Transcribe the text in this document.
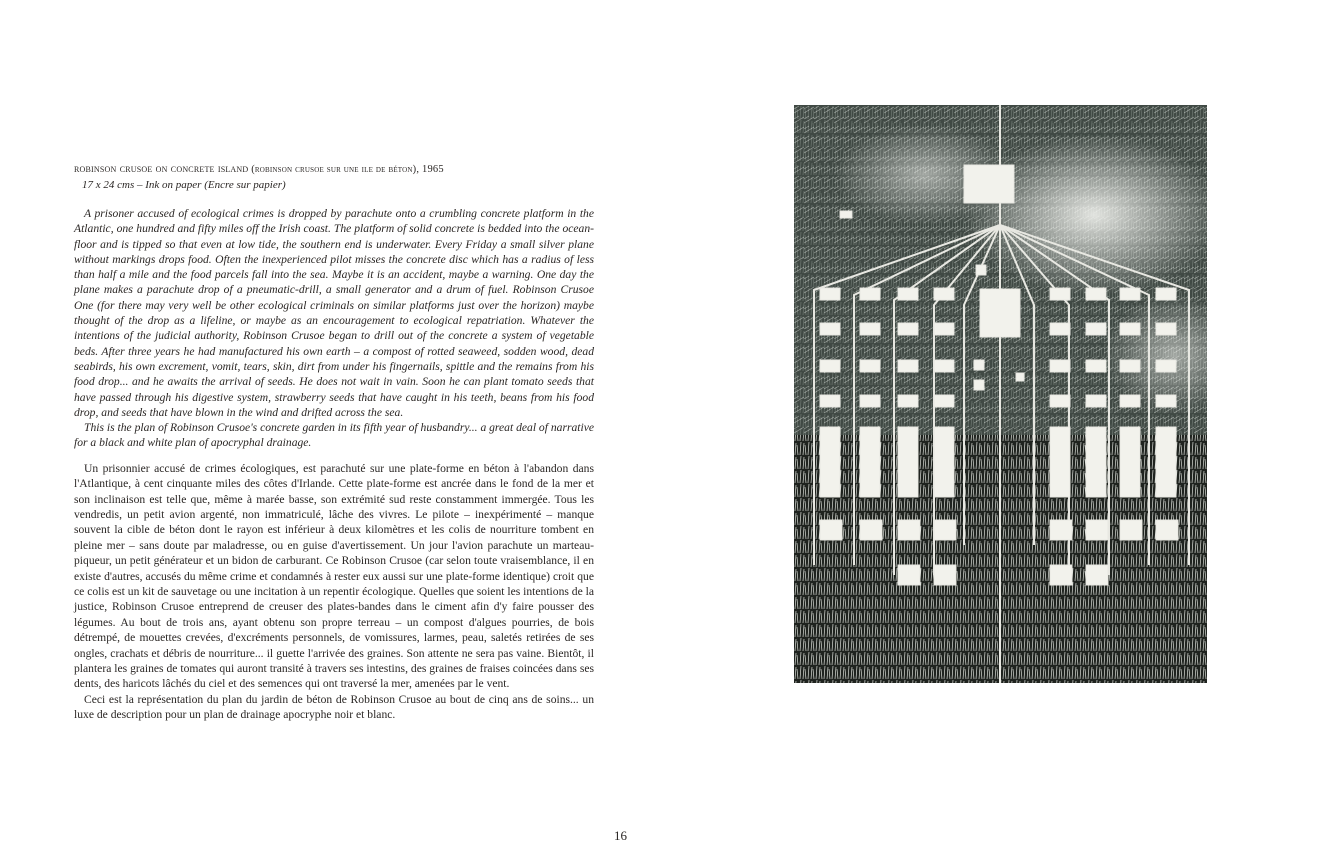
robinson crusoe on concrete island (robinson crusoe sur une ile de béton), 1965
17 x 24 cms – Ink on paper (Encre sur papier)

A prisoner accused of ecological crimes is dropped by parachute onto a crumbling concrete platform in the Atlantic, one hundred and fifty miles off the Irish coast. The platform of solid concrete is bedded into the ocean-floor and is tipped so that even at low tide, the southern end is underwater. Every Friday a small silver plane without markings drops food. Often the inexperienced pilot misses the concrete disc which has a radius of less than half a mile and the food parcels fall into the sea. Maybe it is an accident, maybe a warning. One day the plane makes a parachute drop of a pneumatic-drill, a small generator and a drum of fuel. Robinson Crusoe One (for there may very well be other ecological criminals on similar platforms just over the horizon) maybe thought of the drop as a lifeline, or maybe as an encouragement to ecological repatriation. Whatever the intentions of the judicial authority, Robinson Crusoe began to drill out of the concrete a system of vegetable beds. After three years he had manufactured his own earth – a compost of rotted seaweed, sodden wood, dead seabirds, his own excrement, vomit, tears, skin, dirt from under his fingernails, spittle and the remains from his food drop... and he awaits the arrival of seeds. He does not wait in vain. Soon he can plant tomato seeds that have passed through his digestive system, strawberry seeds that have caught in his teeth, beans from his food drop, and seeds that have blown in the wind and drifted across the sea.

This is the plan of Robinson Crusoe's concrete garden in its fifth year of husbandry... a great deal of narrative for a black and white plan of apocryphal drainage.

Un prisonnier accusé de crimes écologiques, est parachuté sur une plate-forme en béton à l'abandon dans l'Atlantique, à cent cinquante miles des côtes d'Irlande. Cette plate-forme est ancrée dans le fond de la mer et son inclinaison est telle que, même à marée basse, son extrémité sud reste constamment immergée. Tous les vendredis, un petit avion argenté, non immatriculé, lâche des vivres. Le pilote – inexpérimenté – manque souvent la cible de béton dont le rayon est inférieur à deux kilomètres et les colis de nourriture tombent en pleine mer – sans doute par maladresse, ou en guise d'avertissement. Un jour l'avion parachute un marteau-piqueur, un petit générateur et un bidon de carburant. Ce Robinson Crusoe (car selon toute vraisemblance, il en existe d'autres, accusés du même crime et condamnés à rester eux aussi sur une plate-forme identique) croit que ce colis est un kit de sauvetage ou une incitation à un repentir écologique. Quelles que soient les intentions de la justice, Robinson Crusoe entreprend de creuser des plates-bandes dans le ciment afin d'y faire pousser des légumes. Au bout de trois ans, ayant obtenu son propre terreau – un compost d'algues pourries, de bois détrempé, de mouettes crevées, d'excréments personnels, de vomissures, larmes, peau, saletés retirées de ses ongles, crachats et débris de nourriture... il guette l'arrivée des graines. Son attente ne sera pas vaine. Bientôt, il plantera les graines de tomates qui auront transité à travers ses intestins, des graines de fraises coincées dans ses dents, des haricots lâchés du ciel et des semences qui ont traversé la mer, amenées par le vent.

Ceci est la représentation du plan du jardin de béton de Robinson Crusoe au bout de cinq ans de soins... un luxe de description pour un plan de drainage apocryphe noir et blanc.

16
